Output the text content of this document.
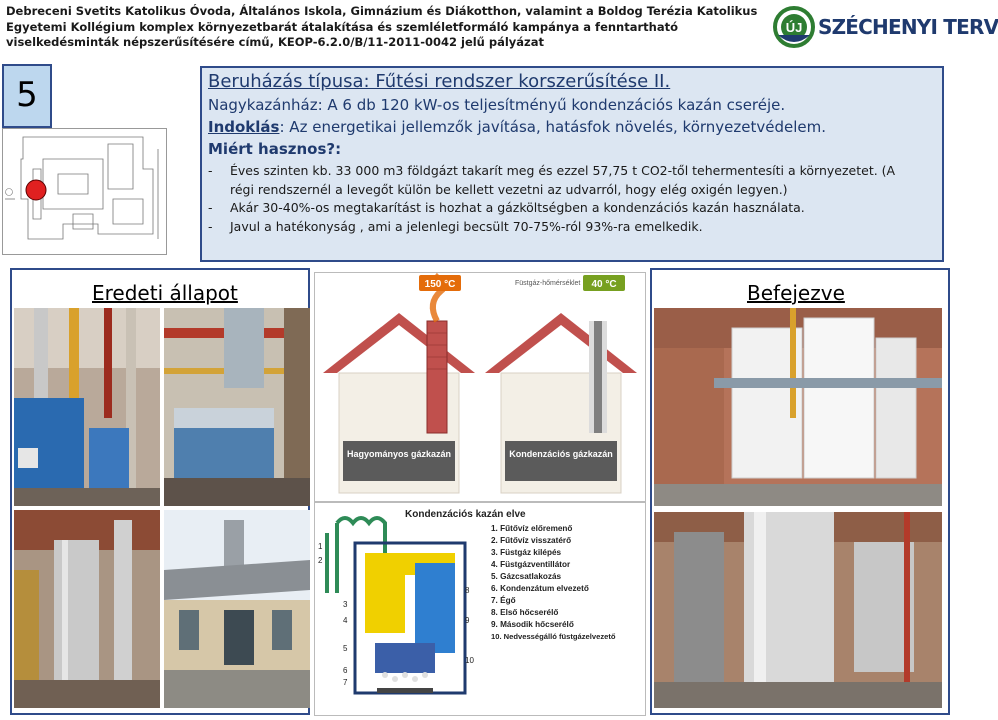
Debreceni Svetits Katolikus Óvoda, Általános Iskola, Gimnázium és Diákotthon, valamint a Boldog Terézia Katolikus Egyetemi Kollégium komplex környezetbarát átalakítása és szemléletformáló kampánya a fenntartható viselkedésminták népszerűsítésére című, KEOP-6.2.0/B/11-2011-0042 jelű pályázat
ÚJ SZÉCHENYI TERV
5	Beruházás típusa: Fűtési rendszer korszerűsítése II.
Nagykazánház: A 6 db 120 kW-os teljesítményű kondenzációs kazán cseréje.
Indoklás: Az energetikai jellemzők javítása, hatásfok növelés, környezetvédelem.
Miért hasznos?:
- Éves szinten kb. 33 000 m3 földgázt takarít meg és ezzel 57,75 t CO2-től tehermentesíti a környezetet. (A
régi rendszernél a levegőt külön be kellett vezetni az udvarról, hogy elég oxigén legyen.)
- Akár 30-40%-os megtakarítást is hozhat a gázköltségben a kondenzációs kazán használata.
- Javul a hatékonyság , ami a jelenlegi becsült 70-75%-ról 93%-ra emelkedik.
Eredeti állapot	Befejezve
150 °C
Hagyományos gázkazán
40 °C
Füstgáz-hőmérséklet
Kondenzációs gázkazán
Kondenzációs kazán elve
1
2
3
4
5
6
7
8
9
10
1. Fűtővíz előremenő
2. Fűtővíz visszatérő
3. Füstgáz kilépés
4. Füstgázventillátor
5. Gázcsatlakozás
6. Kondenzátum elvezető
7. Égő
8. Első hőcserélő
9. Második hőcserélő
10. Nedvességálló füstgázelvezető
